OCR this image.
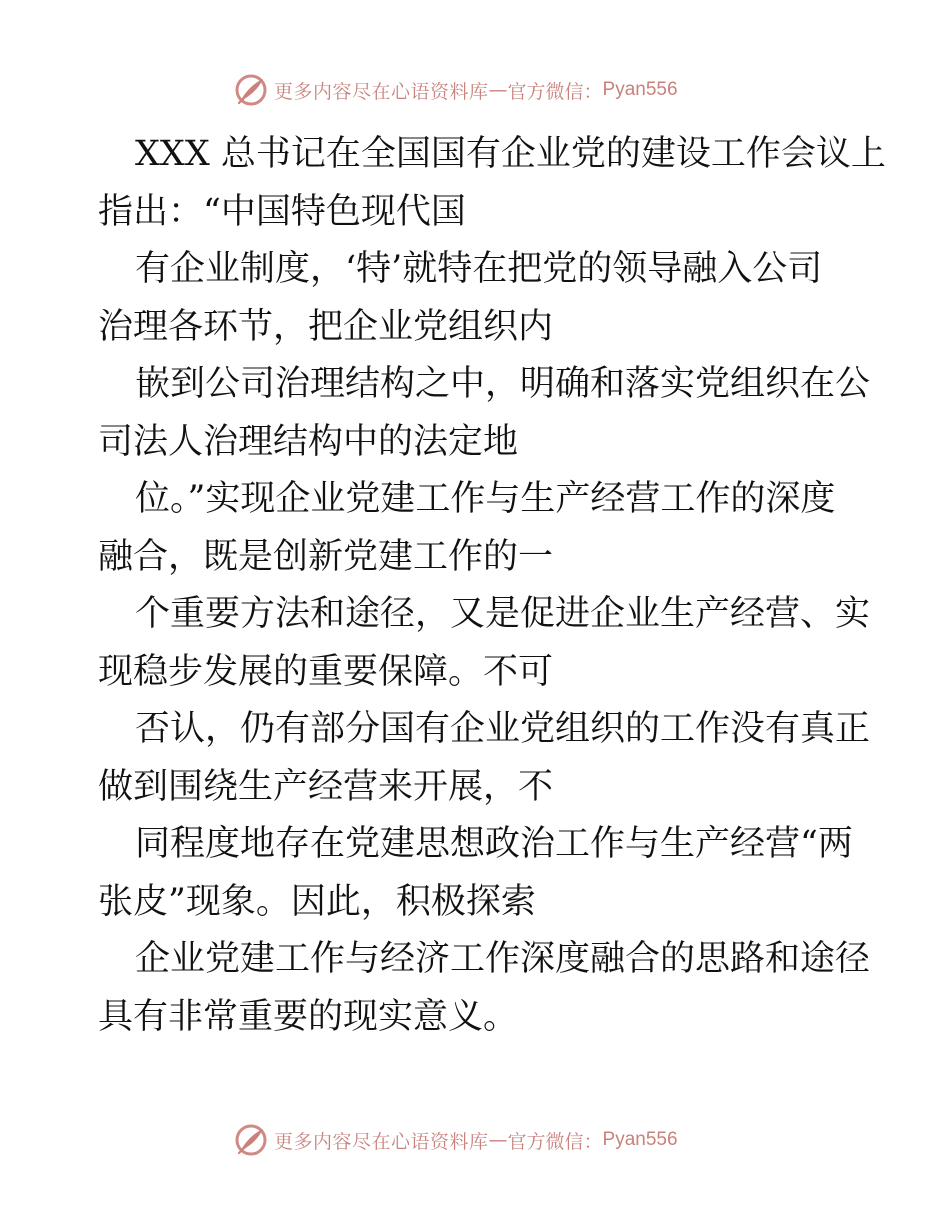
更多内容尽在心语资料库 — 官方微信： Pyan556
XXX 总书记在全国国有企业党的建设工作会议上
指出：“中国特色现代国
有企业制度，‘特’就特在把党的领导融入公司
治理各环节，把企业党组织内
嵌到公司治理结构之中，明确和落实党组织在公
司法人治理结构中的法定地
位。”实现企业党建工作与生产经营工作的深度
融合，既是创新党建工作的一
个重要方法和途径，又是促进企业生产经营、实
现稳步发展的重要保障。不可
否认，仍有部分国有企业党组织的工作没有真正
做到围绕生产经营来开展，不
同程度地存在党建思想政治工作与生产经营“两
张皮”现象。因此，积极探索
企业党建工作与经济工作深度融合的思路和途径
具有非常重要的现实意义。
更多内容尽在心语资料库 — 官方微信： Pyan556
